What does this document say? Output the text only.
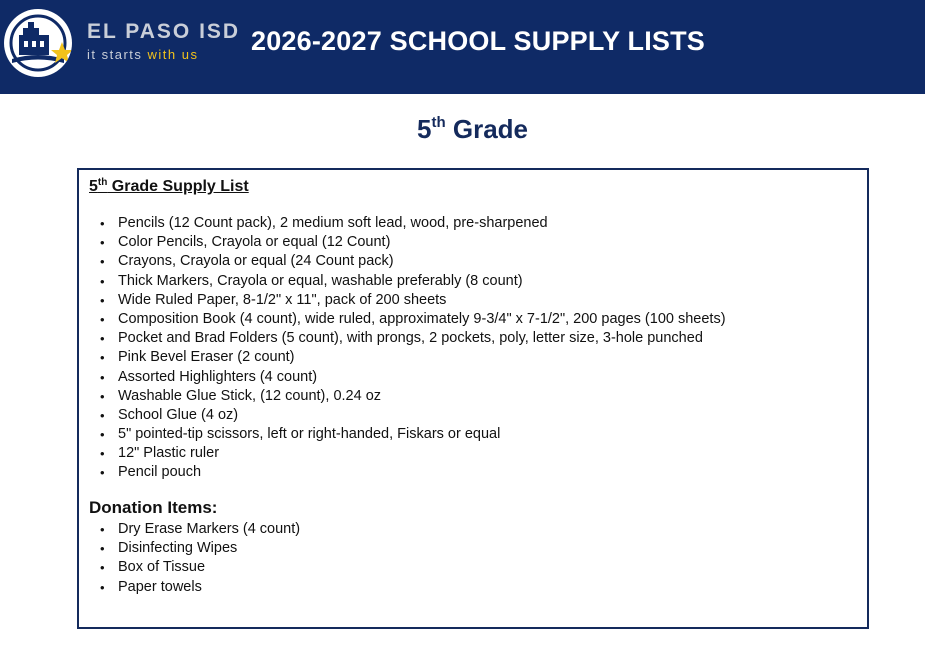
EL PASO ISD
it starts with us 2026-2027 SCHOOL SUPPLY LISTS
5th Grade
5th Grade Supply List
• Pencils (12 Count pack), 2 medium soft lead, wood, pre-sharpened
• Color Pencils, Crayola or equal (12 Count)
• Crayons, Crayola or equal (24 Count pack)
• Thick Markers, Crayola or equal, washable preferably (8 count)
• Wide Ruled Paper, 8-1/2" x 11", pack of 200 sheets
• Composition Book (4 count), wide ruled, approximately 9-3/4" x 7-1/2", 200 pages (100 sheets)
• Pocket and Brad Folders (5 count), with prongs, 2 pockets, poly, letter size, 3-hole punched
• Pink Bevel Eraser (2 count)
• Assorted Highlighters (4 count)
• Washable Glue Stick, (12 count), 0.24 oz
• School Glue (4 oz)
• 5" pointed-tip scissors, left or right-handed, Fiskars or equal
• 12" Plastic ruler
• Pencil pouch
Donation Items:
• Dry Erase Markers (4 count)
• Disinfecting Wipes
• Box of Tissue
• Paper towels
